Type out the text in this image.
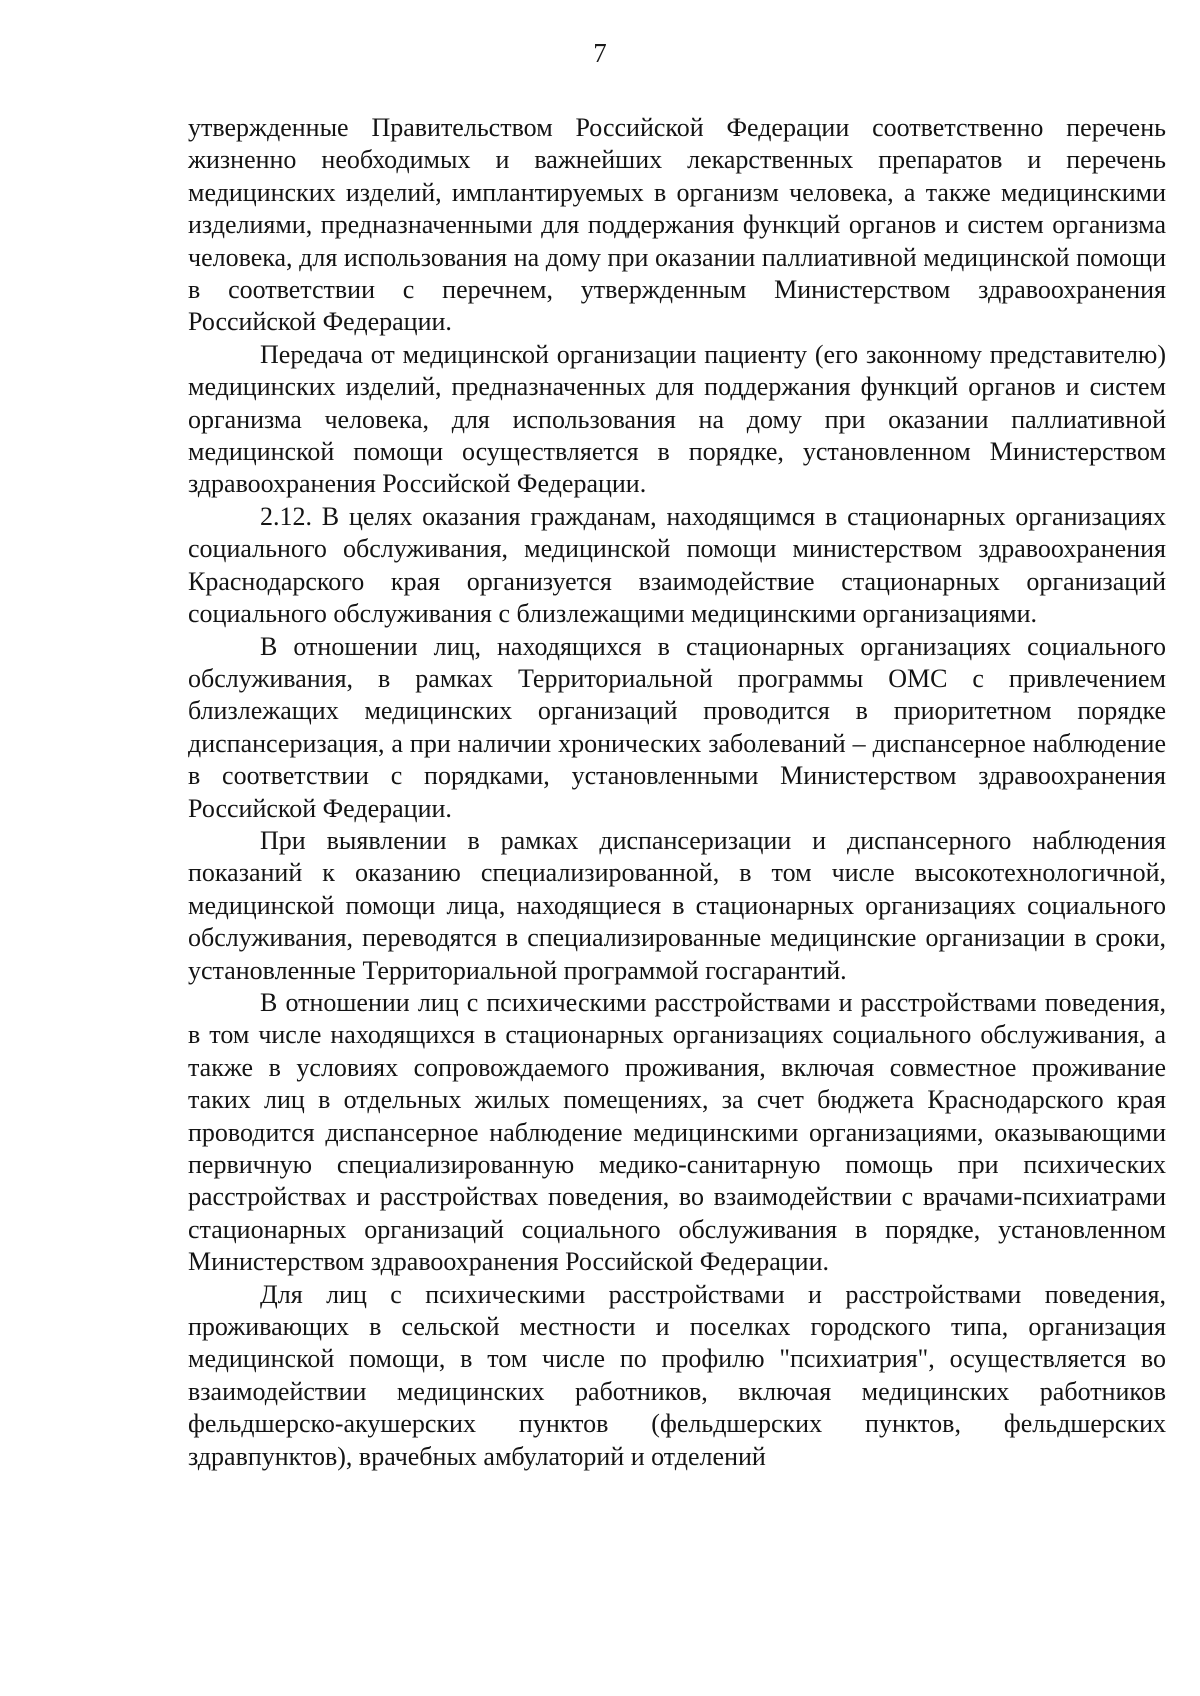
7

утвержденные Правительством Российской Федерации соответственно перечень жизненно необходимых и важнейших лекарственных препаратов и перечень медицинских изделий, имплантируемых в организм человека, а также медицинскими изделиями, предназначенными для поддержания функций органов и систем организма человека, для использования на дому при оказании паллиативной медицинской помощи в соответствии с перечнем, утвержденным Министерством здравоохранения Российской Федерации.

Передача от медицинской организации пациенту (его законному представителю) медицинских изделий, предназначенных для поддержания функций органов и систем организма человека, для использования на дому при оказании паллиативной медицинской помощи осуществляется в порядке, установленном Министерством здравоохранения Российской Федерации.

2.12. В целях оказания гражданам, находящимся в стационарных организациях социального обслуживания, медицинской помощи министерством здравоохранения Краснодарского края организуется взаимодействие стационарных организаций социального обслуживания с близлежащими медицинскими организациями.

В отношении лиц, находящихся в стационарных организациях социального обслуживания, в рамках Территориальной программы ОМС с привлечением близлежащих медицинских организаций проводится в приоритетном порядке диспансеризация, а при наличии хронических заболеваний – диспансерное наблюдение в соответствии с порядками, установленными Министерством здравоохранения Российской Федерации.

При выявлении в рамках диспансеризации и диспансерного наблюдения показаний к оказанию специализированной, в том числе высокотехнологичной, медицинской помощи лица, находящиеся в стационарных организациях социального обслуживания, переводятся в специализированные медицинские организации в сроки, установленные Территориальной программой госгарантий.

В отношении лиц с психическими расстройствами и расстройствами поведения, в том числе находящихся в стационарных организациях социального обслуживания, а также в условиях сопровождаемого проживания, включая совместное проживание таких лиц в отдельных жилых помещениях, за счет бюджета Краснодарского края проводится диспансерное наблюдение медицинскими организациями, оказывающими первичную специализированную медико-санитарную помощь при психических расстройствах и расстройствах поведения, во взаимодействии с врачами-психиатрами стационарных организаций социального обслуживания в порядке, установленном Министерством здравоохранения Российской Федерации.

Для лиц с психическими расстройствами и расстройствами поведения, проживающих в сельской местности и поселках городского типа, организация медицинской помощи, в том числе по профилю "психиатрия", осуществляется во взаимодействии медицинских работников, включая медицинских работников фельдшерско-акушерских пунктов (фельдшерских пунктов, фельдшерских здравпунктов), врачебных амбулаторий и отделений
